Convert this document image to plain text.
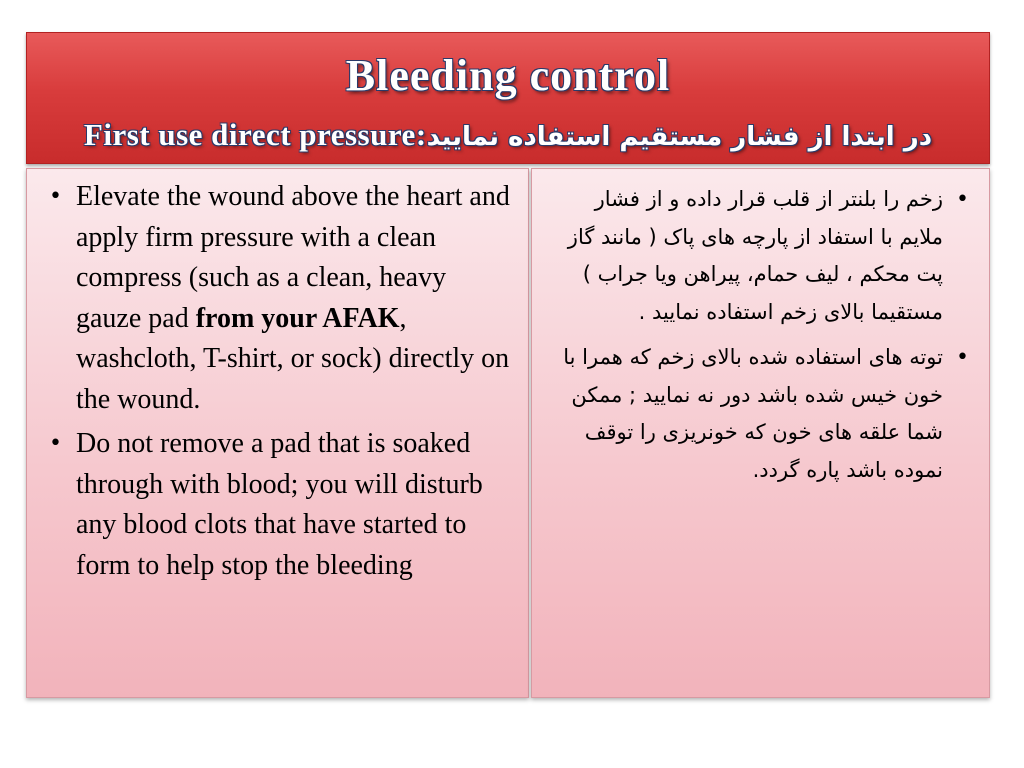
Bleeding control
First use direct pressure:در ابتدا از فشار مستقیم استفاده نمایید
• Elevate the wound above the heart and apply firm pressure with a clean compress (such as a clean, heavy gauze pad from your AFAK, washcloth, T-shirt, or sock) directly on the wound.
• Do not remove a pad that is soaked through with blood; you will disturb any blood clots that have started to form to help stop the bleeding
• زخم را بلنتر از قلب قرار داده و از فشار ملایم با استفاد از پارچه های پاک ( مانند گاز پت محکم ، لیف حمام، پیراهن ویا جراب ) مستقیما بالای زخم استفاده نمایید .
• توته های استفاده شده بالای زخم که همرا با خون خیس شده باشد دور نه نمایید ; ممکن شما علقه های خون که خونریزی را توقف نموده باشد پاره گردد.
